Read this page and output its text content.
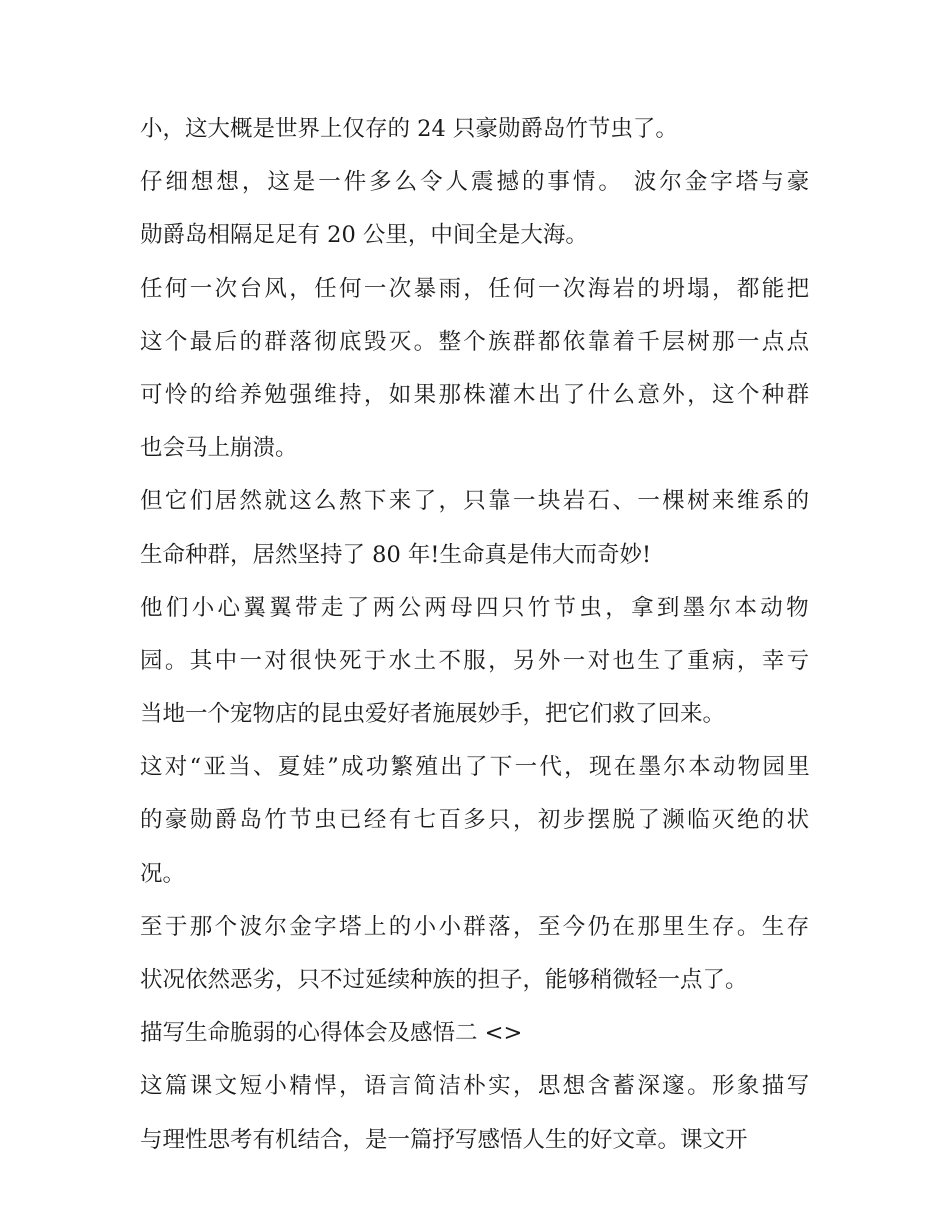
小，这大概是世界上仅存的 24 只豪勋爵岛竹节虫了。
仔细想想，这是一件多么令人震撼的事情。 波尔金字塔与豪
勋爵岛相隔足足有 20 公里，中间全是大海。
任何一次台风，任何一次暴雨，任何一次海岩的坍塌，都能把
这个最后的群落彻底毁灭。整个族群都依靠着千层树那一点点
可怜的给养勉强维持，如果那株灌木出了什么意外，这个种群
也会马上崩溃。
但它们居然就这么熬下来了，只靠一块岩石、一棵树来维系的
生命种群，居然坚持了 80 年!生命真是伟大而奇妙!
他们小心翼翼带走了两公两母四只竹节虫，拿到墨尔本动物
园。其中一对很快死于水土不服，另外一对也生了重病，幸亏
当地一个宠物店的昆虫爱好者施展妙手，把它们救了回来。
这对“亚当、夏娃”成功繁殖出了下一代，现在墨尔本动物园里
的豪勋爵岛竹节虫已经有七百多只，初步摆脱了濒临灭绝的状
况。
至于那个波尔金字塔上的小小群落，至今仍在那里生存。生存
状况依然恶劣，只不过延续种族的担子，能够稍微轻一点了。
描写生命脆弱的心得体会及感悟二 <>
这篇课文短小精悍，语言简洁朴实，思想含蓄深邃。形象描写
与理性思考有机结合，是一篇抒写感悟人生的好文章。课文开
